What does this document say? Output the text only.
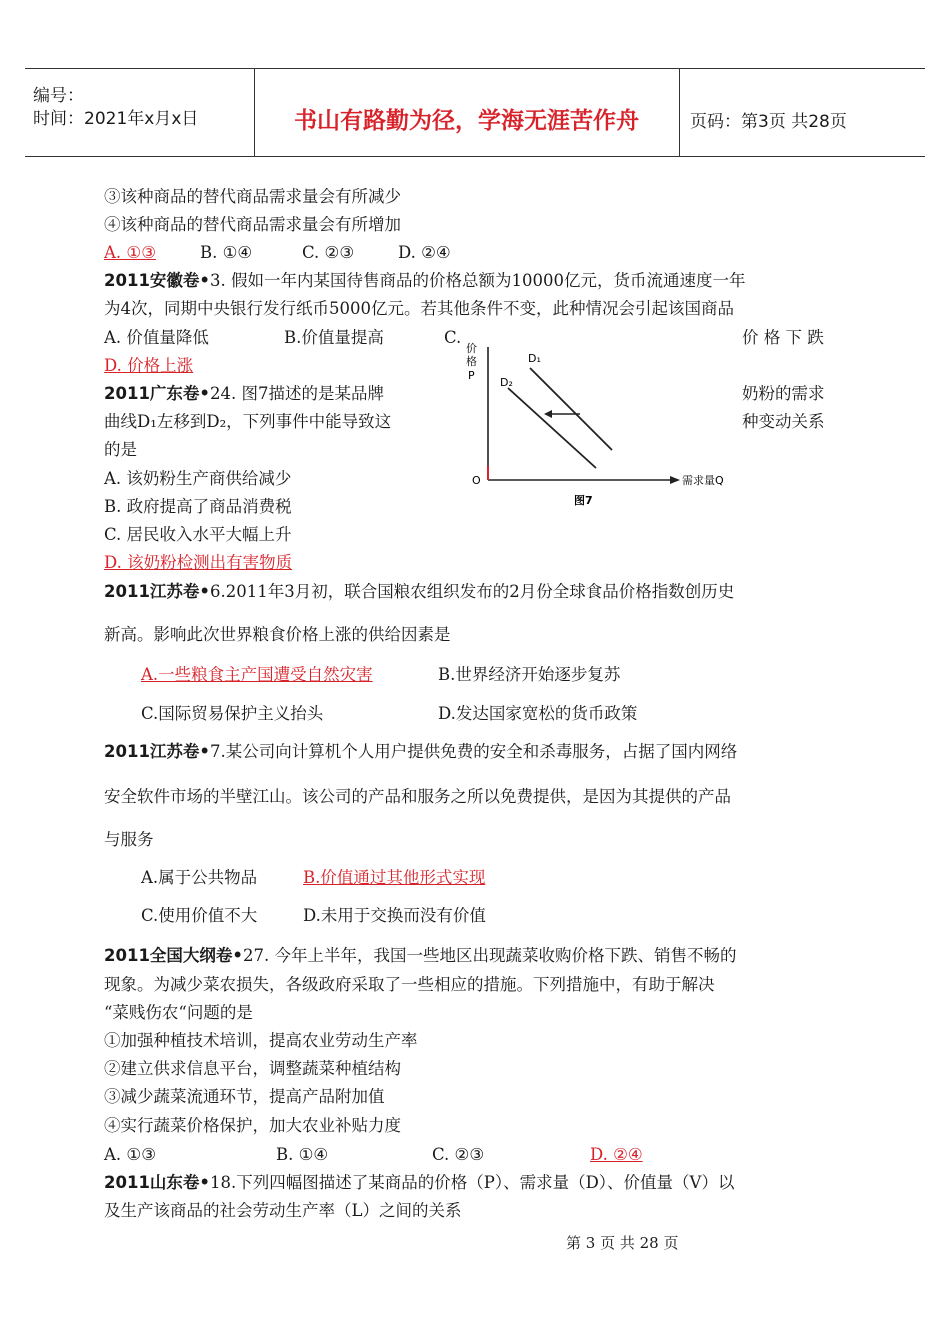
编号：
时间：2021年x月x日	书山有路勤为径，学海无涯苦作舟	页码：第3页 共28页
③该种商品的替代商品需求量会有所减少
④该种商品的替代商品需求量会有所增加
A. ①③	B. ①④	C. ②③	D. ②④
2011安徽卷•3. 假如一年内某国待售商品的价格总额为10000亿元，货币流通速度一年
为4次，同期中央银行发行纸币5000亿元。若其他条件不变，此种情况会引起该国商品
A. 价值量降低	B.价值量提高	C.	价 格 下 跌
D. 价格上涨
2011广东卷•24. 图7描述的是某品牌	奶粉的需求
曲线D₁左移到D₂，下列事件中能导致这	种变动关系
的是
A. 该奶粉生产商供给减少
B. 政府提高了商品消费税
C. 居民收入水平大幅上升
D. 该奶粉检测出有害物质
价
格
P
D₁
D₂
O	需求量Q
图7
2011江苏卷•6.2011年3月初，联合国粮农组织发布的2月份全球食品价格指数创历史
新高。影响此次世界粮食价格上涨的供给因素是
A.一些粮食主产国遭受自然灾害	B.世界经济开始逐步复苏
C.国际贸易保护主义抬头	D.发达国家宽松的货币政策
2011江苏卷•7.某公司向计算机个人用户提供免费的安全和杀毒服务，占据了国内网络
安全软件市场的半壁江山。该公司的产品和服务之所以免费提供，是因为其提供的产品
与服务
A.属于公共物品	B.价值通过其他形式实现
C.使用价值不大	D.未用于交换而没有价值
2011全国大纲卷•27. 今年上半年，我国一些地区出现蔬菜收购价格下跌、销售不畅的
现象。为减少菜农损失，各级政府采取了一些相应的措施。下列措施中，有助于解决
“菜贱伤农“问题的是
①加强种植技术培训，提高农业劳动生产率
②建立供求信息平台，调整蔬菜种植结构
③减少蔬菜流通环节，提高产品附加值
④实行蔬菜价格保护，加大农业补贴力度
A. ①③	B. ①④	C. ②③	D. ②④
2011山东卷•18.下列四幅图描述了某商品的价格（P）、需求量（D）、价值量（V）以
及生产该商品的社会劳动生产率（L）之间的关系
第 3 页 共 28 页
